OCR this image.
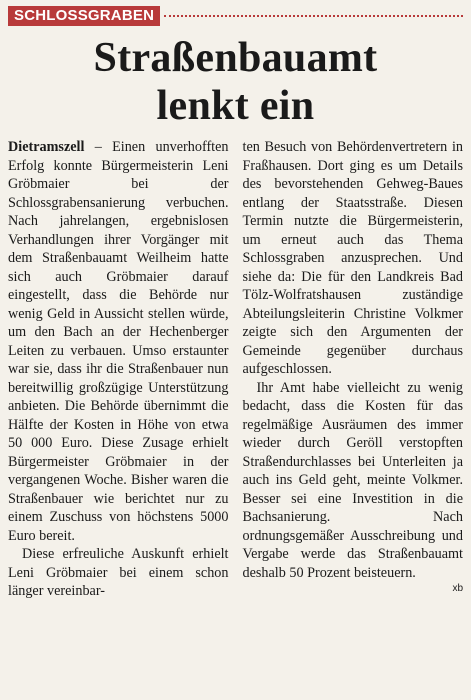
SCHLOSSGRABEN
Straßenbauamt
lenkt ein

Dietramszell – Einen unverhofften Erfolg konnte Bürgermeisterin Leni Gröbmaier bei der Schlossgrabensanierung verbuchen. Nach jahrelangen, ergebnislosen Verhandlungen ihrer Vorgänger mit dem Straßenbauamt Weilheim hatte sich auch Gröbmaier darauf eingestellt, dass die Behörde nur wenig Geld in Aussicht stellen würde, um den Bach an der Hechenberger Leiten zu verbauen. Umso erstaunter war sie, dass ihr die Straßenbauer nun bereitwillig großzügige Unterstützung anbieten. Die Behörde übernimmt die Hälfte der Kosten in Höhe von etwa 50 000 Euro. Diese Zusage erhielt Bürgermeister Gröbmaier in der vergangenen Woche. Bisher waren die Straßenbauer wie berichtet nur zu einem Zuschuss von höchstens 5000 Euro bereit.

Diese erfreuliche Auskunft erhielt Leni Gröbmaier bei einem schon länger vereinbar-

ten Besuch von Behördenvertretern in Fraßhausen. Dort ging es um Details des bevorstehenden Gehweg-Baues entlang der Staatsstraße. Diesen Termin nutzte die Bürgermeisterin, um erneut auch das Thema Schlossgraben anzusprechen. Und siehe da: Die für den Landkreis Bad Tölz-Wolfratshausen zuständige Abteilungsleiterin Christine Volkmer zeigte sich den Argumenten der Gemeinde gegenüber durchaus aufgeschlossen.

Ihr Amt habe vielleicht zu wenig bedacht, dass die Kosten für das regelmäßige Ausräumen des immer wieder durch Geröll verstopften Straßendurchlasses bei Unterleiten ja auch ins Geld geht, meinte Volkmer. Besser sei eine Investition in die Bachsanierung. Nach ordnungsgemäßer Ausschreibung und Vergabe werde das Straßenbauamt deshalb 50 Prozent beisteuern.

xb
